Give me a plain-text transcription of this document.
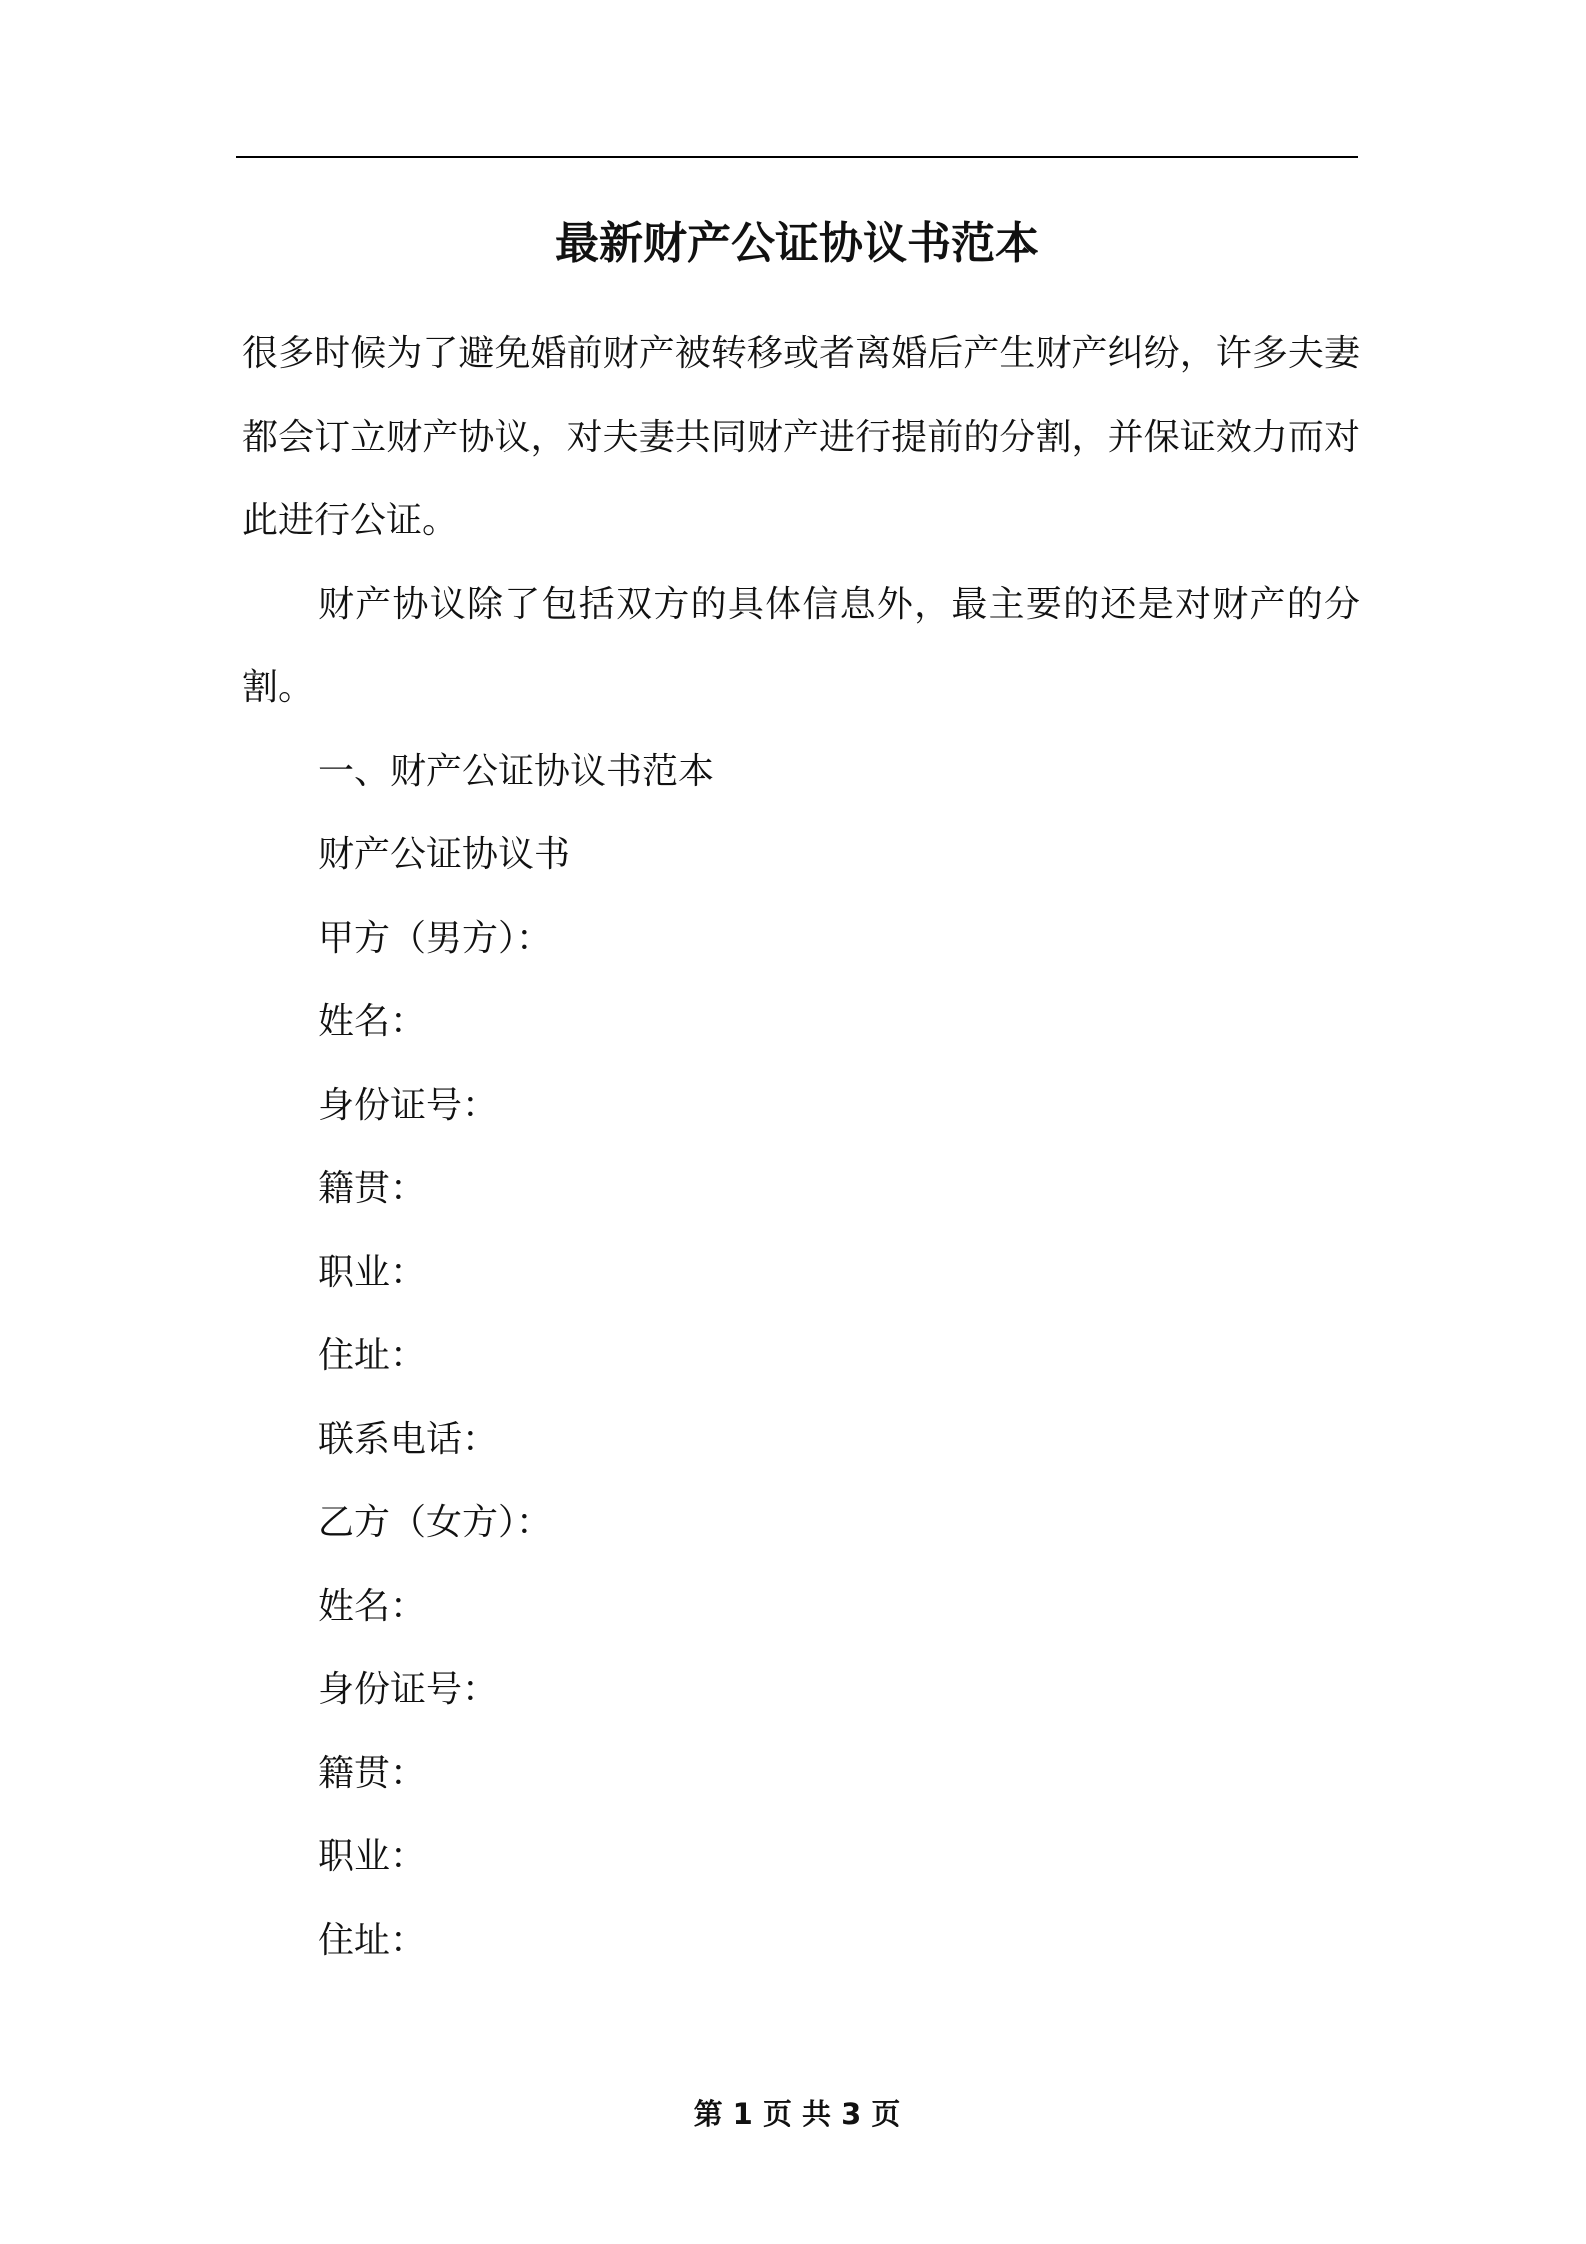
最新财产公证协议书范本

很多时候为了避免婚前财产被转移或者离婚后产生财产纠纷，许多夫妻都会订立财产协议，对夫妻共同财产进行提前的分割，并保证效力而对此进行公证。

财产协议除了包括双方的具体信息外，最主要的还是对财产的分割。

一、财产公证协议书范本

财产公证协议书

甲方（男方）：

姓名：

身份证号：

籍贯：

职业：

住址：

联系电话：

乙方（女方）：

姓名：

身份证号：

籍贯：

职业：

住址：

第 1 页 共 3 页
